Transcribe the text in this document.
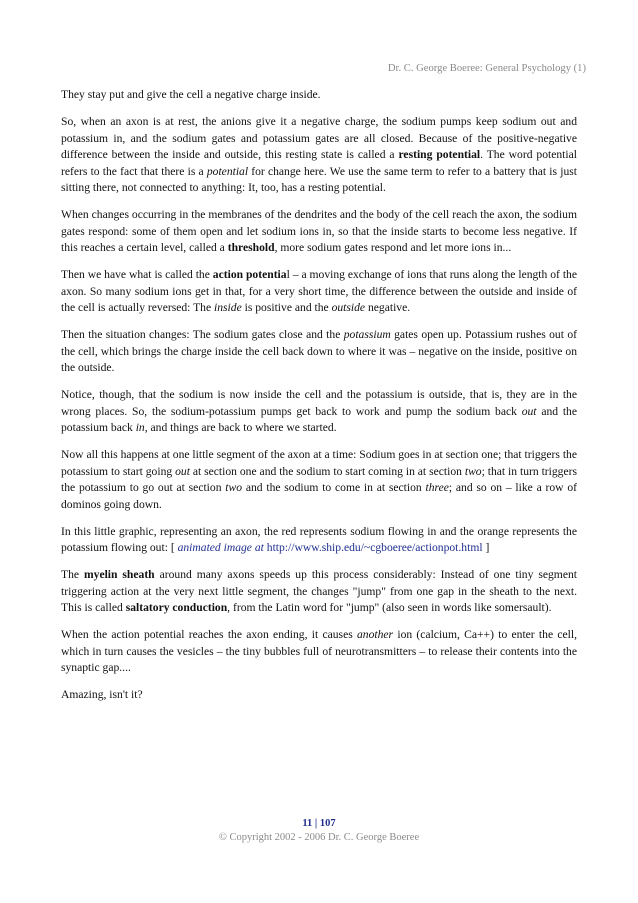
Dr. C. George Boeree: General Psychology (1)

They stay put and give the cell a negative charge inside.

So, when an axon is at rest, the anions give it a negative charge, the sodium pumps keep sodium out and potassium in, and the sodium gates and potassium gates are all closed. Because of the positive-negative difference between the inside and outside, this resting state is called a resting potential. The word potential refers to the fact that there is a potential for change here. We use the same term to refer to a battery that is just sitting there, not connected to anything: It, too, has a resting potential.

When changes occurring in the membranes of the dendrites and the body of the cell reach the axon, the sodium gates respond: some of them open and let sodium ions in, so that the inside starts to become less negative. If this reaches a certain level, called a threshold, more sodium gates respond and let more ions in...

Then we have what is called the action potential – a moving exchange of ions that runs along the length of the axon. So many sodium ions get in that, for a very short time, the difference between the outside and inside of the cell is actually reversed: The inside is positive and the outside negative.

Then the situation changes: The sodium gates close and the potassium gates open up. Potassium rushes out of the cell, which brings the charge inside the cell back down to where it was – negative on the inside, positive on the outside.

Notice, though, that the sodium is now inside the cell and the potassium is outside, that is, they are in the wrong places. So, the sodium-potassium pumps get back to work and pump the sodium back out and the potassium back in, and things are back to where we started.

Now all this happens at one little segment of the axon at a time: Sodium goes in at section one; that triggers the potassium to start going out at section one and the sodium to start coming in at section two; that in turn triggers the potassium to go out at section two and the sodium to come in at section three; and so on – like a row of dominos going down.

In this little graphic, representing an axon, the red represents sodium flowing in and the orange represents the potassium flowing out: [ animated image at http://www.ship.edu/~cgboeree/actionpot.html ]

The myelin sheath around many axons speeds up this process considerably: Instead of one tiny segment triggering action at the very next little segment, the changes "jump" from one gap in the sheath to the next. This is called saltatory conduction, from the Latin word for "jump" (also seen in words like somersault).

When the action potential reaches the axon ending, it causes another ion (calcium, Ca++) to enter the cell, which in turn causes the vesicles – the tiny bubbles full of neurotransmitters – to release their contents into the synaptic gap....

Amazing, isn't it?

11 | 107
© Copyright 2002 - 2006 Dr. C. George Boeree
